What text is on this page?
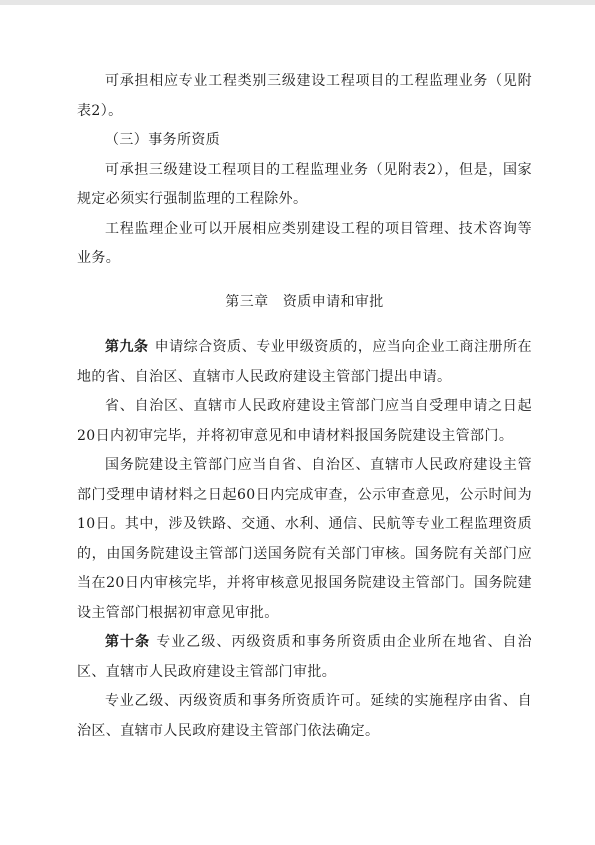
可承担相应专业工程类别三级建设工程项目的工程监理业务（见附表2）。

（三）事务所资质

可承担三级建设工程项目的工程监理业务（见附表2），但是，国家规定必须实行强制监理的工程除外。

工程监理企业可以开展相应类别建设工程的项目管理、技术咨询等业务。

第三章　资质申请和审批

第九条 申请综合资质、专业甲级资质的，应当向企业工商注册所在地的省、自治区、直辖市人民政府建设主管部门提出申请。

省、自治区、直辖市人民政府建设主管部门应当自受理申请之日起20日内初审完毕，并将初审意见和申请材料报国务院建设主管部门。

国务院建设主管部门应当自省、自治区、直辖市人民政府建设主管部门受理申请材料之日起60日内完成审查，公示审查意见，公示时间为10日。其中，涉及铁路、交通、水利、通信、民航等专业工程监理资质的，由国务院建设主管部门送国务院有关部门审核。国务院有关部门应当在20日内审核完毕，并将审核意见报国务院建设主管部门。国务院建设主管部门根据初审意见审批。

第十条 专业乙级、丙级资质和事务所资质由企业所在地省、自治区、直辖市人民政府建设主管部门审批。

专业乙级、丙级资质和事务所资质许可。延续的实施程序由省、自治区、直辖市人民政府建设主管部门依法确定。
